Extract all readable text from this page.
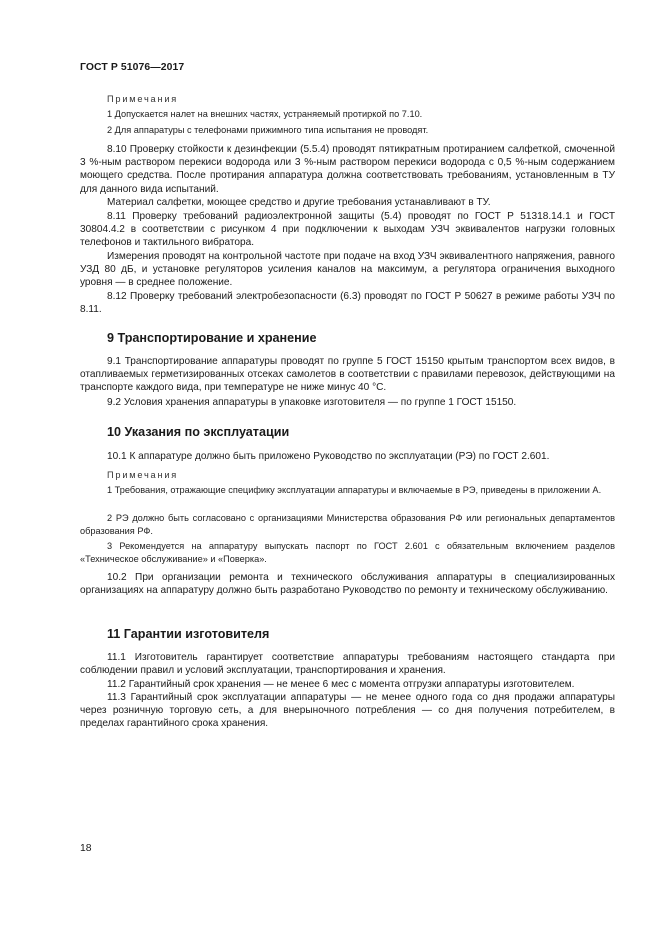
ГОСТ Р 51076—2017
Примечания
1 Допускается налет на внешних частях, устраняемый протиркой по 7.10.
2 Для аппаратуры с телефонами прижимного типа испытания не проводят.
8.10 Проверку стойкости к дезинфекции (5.5.4) проводят пятикратным протиранием салфеткой, смоченной 3 %-ным раствором перекиси водорода или 3 %-ным раствором перекиси водорода с 0,5 %-ным содержанием моющего средства. После протирания аппаратура должна соответствовать требованиям, установленным в ТУ для данного вида испытаний.
Материал салфетки, моющее средство и другие требования устанавливают в ТУ.
8.11 Проверку требований радиоэлектронной защиты (5.4) проводят по ГОСТ Р 51318.14.1 и ГОСТ 30804.4.2 в соответствии с рисунком 4 при подключении к выходам УЗЧ эквивалентов нагрузки головных телефонов и тактильного вибратора.
Измерения проводят на контрольной частоте при подаче на вход УЗЧ эквивалентного напряжения, равного УЗД 80 дБ, и установке регуляторов усиления каналов на максимум, а регулятора ограничения выходного уровня — в среднее положение.
8.12 Проверку требований электробезопасности (6.3) проводят по ГОСТ Р 50627 в режиме работы УЗЧ по 8.11.
9 Транспортирование и хранение
9.1 Транспортирование аппаратуры проводят по группе 5 ГОСТ 15150 крытым транспортом всех видов, в отапливаемых герметизированных отсеках самолетов в соответствии с правилами перевозок, действующими на транспорте каждого вида, при температуре не ниже минус 40 °С.
9.2 Условия хранения аппаратуры в упаковке изготовителя — по группе 1 ГОСТ 15150.
10 Указания по эксплуатации
10.1 К аппаратуре должно быть приложено Руководство по эксплуатации (РЭ) по ГОСТ 2.601.
Примечания
1 Требования, отражающие специфику эксплуатации аппаратуры и включаемые в РЭ, приведены в приложении А.
2 РЭ должно быть согласовано с организациями Министерства образования РФ или региональных департаментов образования РФ.
3 Рекомендуется на аппаратуру выпускать паспорт по ГОСТ 2.601 с обязательным включением разделов «Техническое обслуживание» и «Поверка».
10.2 При организации ремонта и технического обслуживания аппаратуры в специализированных организациях на аппаратуру должно быть разработано Руководство по ремонту и техническому обслуживанию.
11 Гарантии изготовителя
11.1 Изготовитель гарантирует соответствие аппаратуры требованиям настоящего стандарта при соблюдении правил и условий эксплуатации, транспортирования и хранения.
11.2 Гарантийный срок хранения — не менее 6 мес с момента отгрузки аппаратуры изготовителем.
11.3 Гарантийный срок эксплуатации аппаратуры — не менее одного года со дня продажи аппаратуры через розничную торговую сеть, а для внерыночного потребления — со дня получения потребителем, в пределах гарантийного срока хранения.
18
